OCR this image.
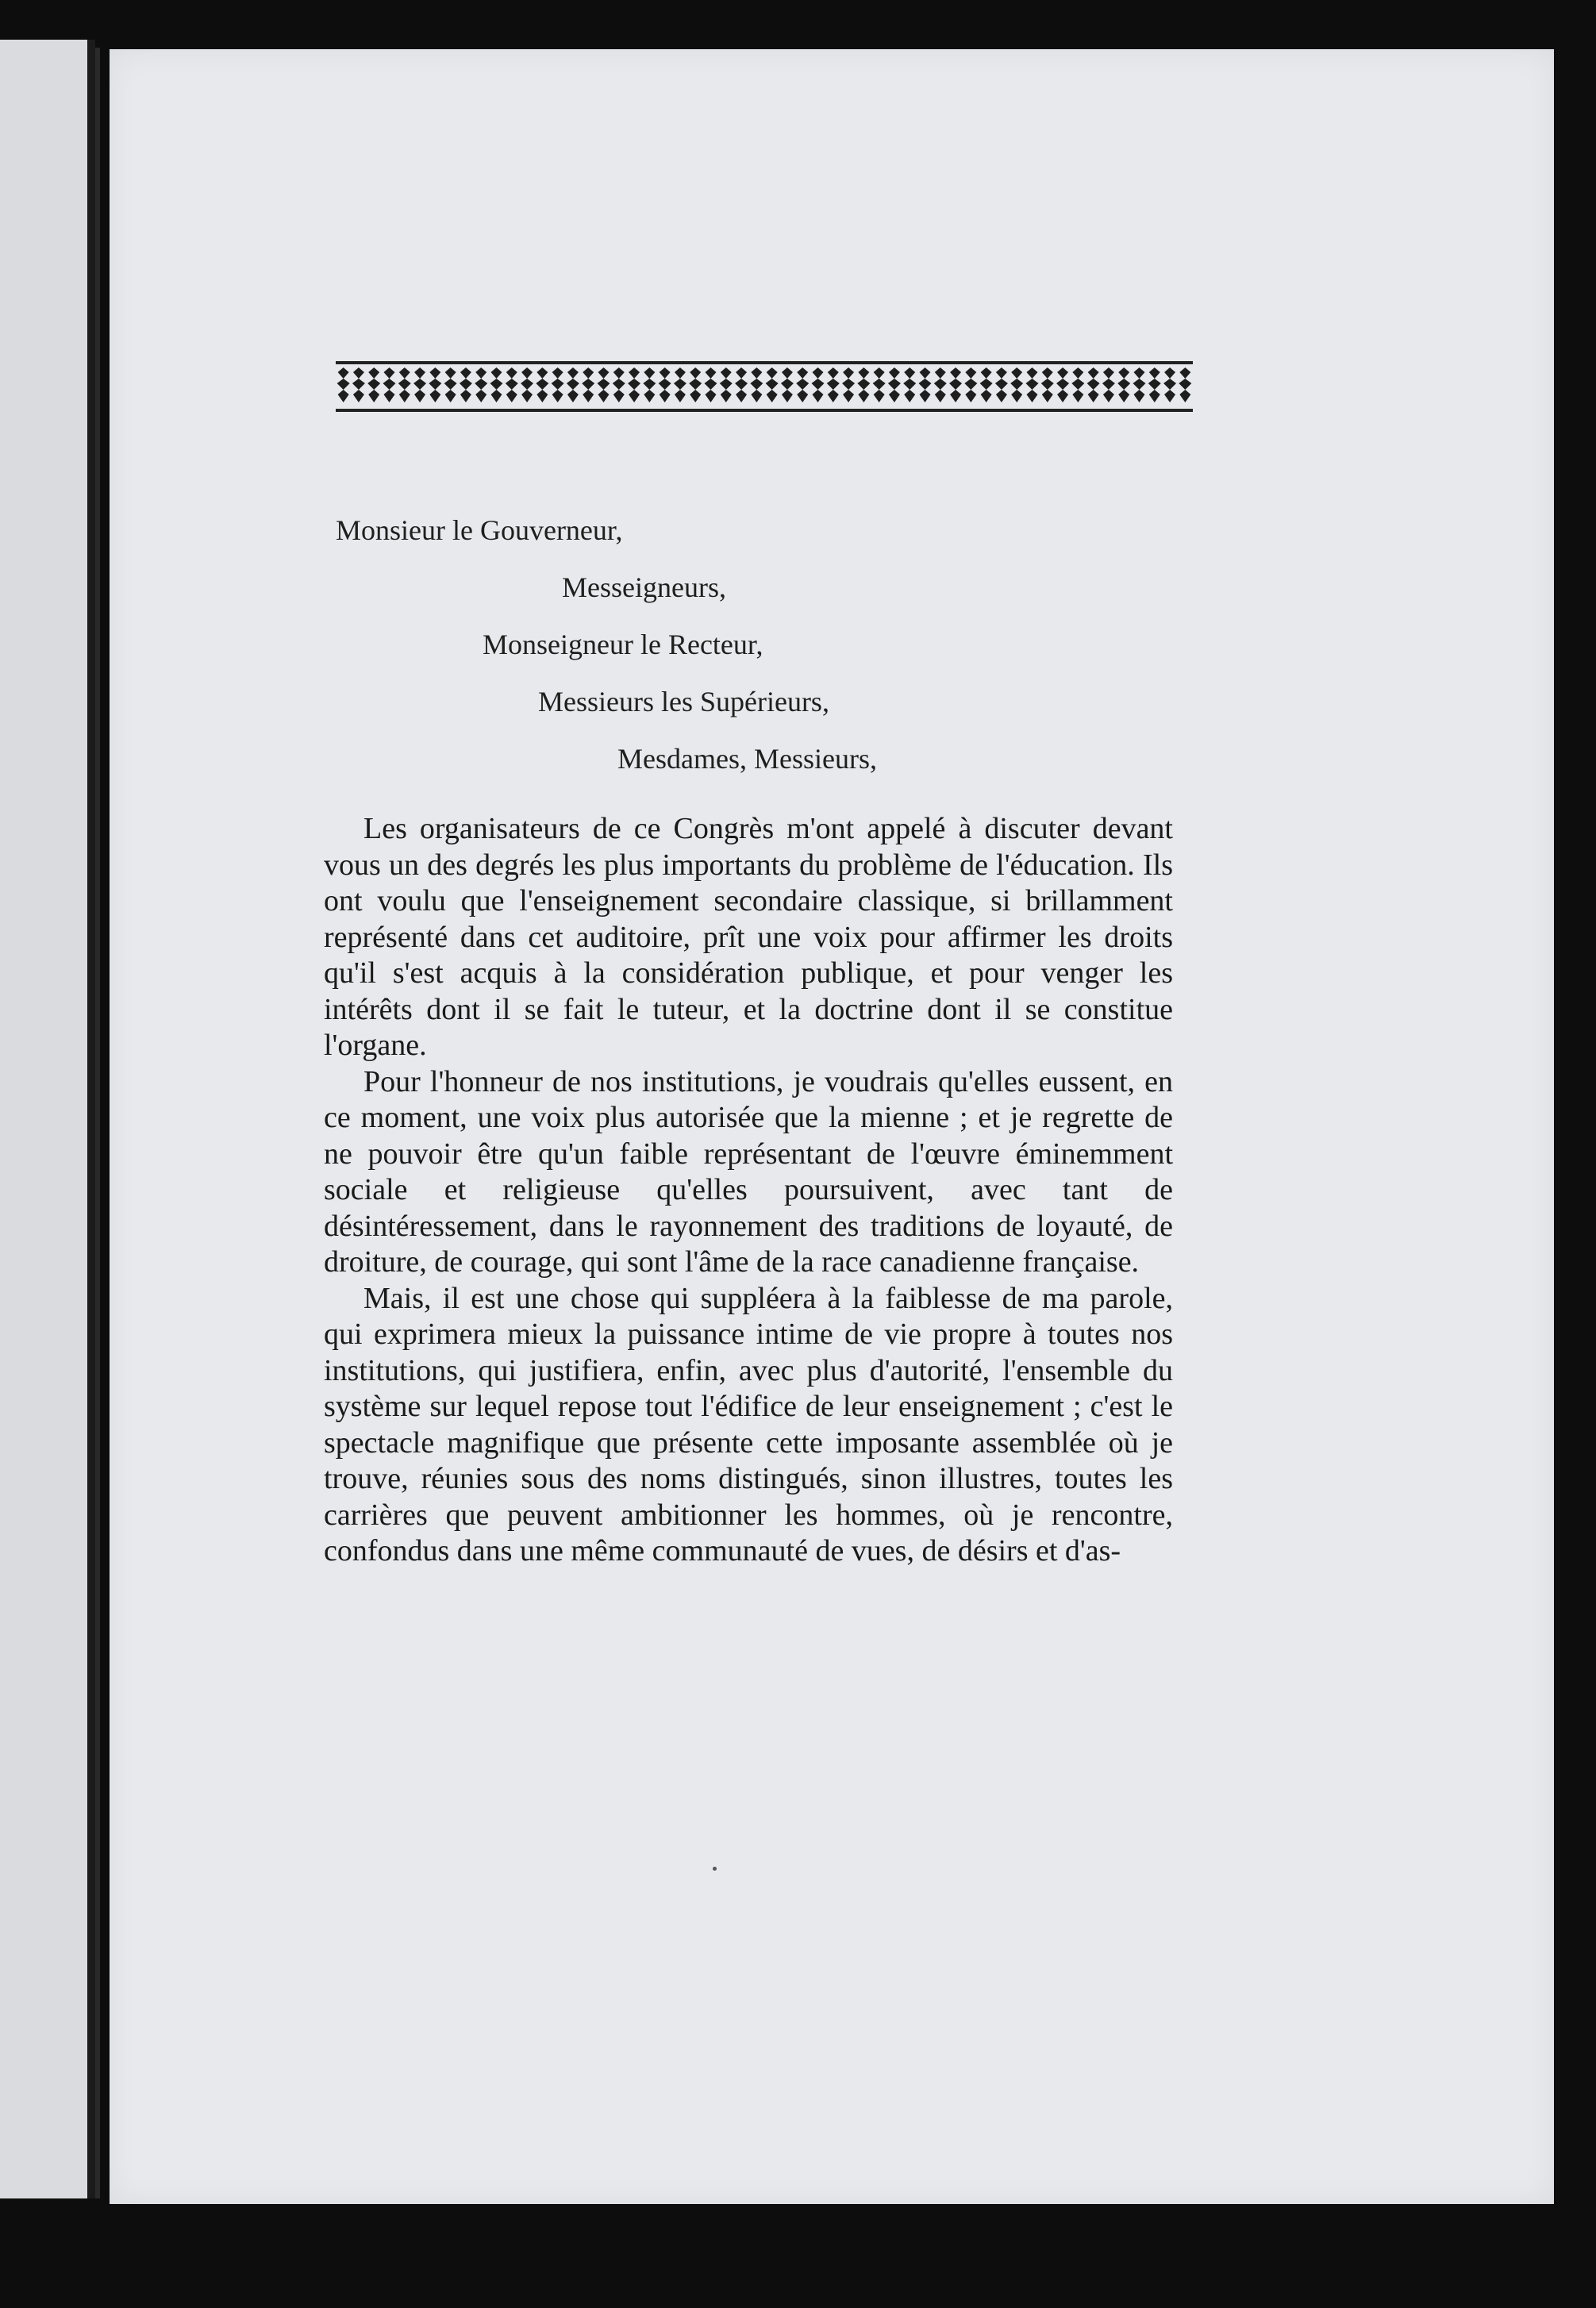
Monsieur le Gouverneur,
Messeigneurs,
Monseigneur le Recteur,
Messieurs les Supérieurs,
Mesdames, Messieurs,

Les organisateurs de ce Congrès m'ont appelé à discuter devant vous un des degrés les plus importants du problème de l'éducation. Ils ont voulu que l'enseignement secondaire classique, si brillamment représenté dans cet auditoire, prît une voix pour affirmer les droits qu'il s'est acquis à la considération publique, et pour venger les intérêts dont il se fait le tuteur, et la doctrine dont il se constitue l'organe.

Pour l'honneur de nos institutions, je voudrais qu'elles eussent, en ce moment, une voix plus autorisée que la mienne ; et je regrette de ne pouvoir être qu'un faible représentant de l'œuvre éminemment sociale et religieuse qu'elles poursuivent, avec tant de désintéressement, dans le rayonnement des traditions de loyauté, de droiture, de courage, qui sont l'âme de la race canadienne française.

Mais, il est une chose qui suppléera à la faiblesse de ma parole, qui exprimera mieux la puissance intime de vie propre à toutes nos institutions, qui justifiera, enfin, avec plus d'autorité, l'ensemble du système sur lequel repose tout l'édifice de leur enseignement ; c'est le spectacle magnifique que présente cette imposante assemblée où je trouve, réunies sous des noms distingués, sinon illustres, toutes les carrières que peuvent ambitionner les hommes, où je rencontre, confondus dans une même communauté de vues, de désirs et d'as-
